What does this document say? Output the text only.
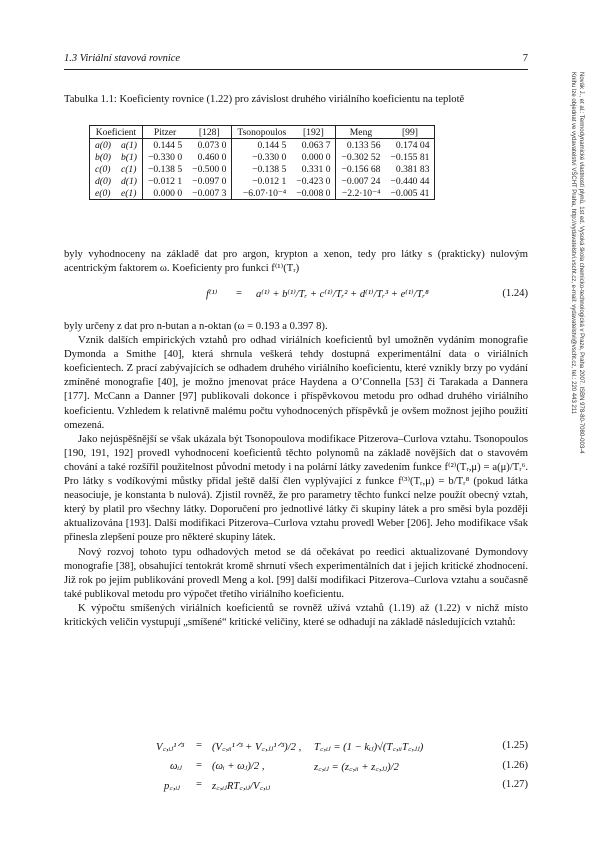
1.3 Viriální stavová rovnice	7
Novák J., et al.: Termodynamické vlastnosti plynů. 1st ed. Vysoká škola chemicko-technologická v Praze, Praha 2007. ISBN 978-80-7080-003-4
Knihu lze objednat ve vydavatelství VŠCHT Praha, http://vydavatelstvi.vscht.cz, e-mail: vydavatelstvi@vscht.cz, tel.: 220 443 211
Tabulka 1.1: Koeficienty rovnice (1.22) pro závislost druhého viriálního koeficientu na teplotě
Koeficient		Pitzer	[128]	Tsonopoulos	[192]	Meng	[99]
a(0)	a(1)	0.144 5	0.073 0	0.144 5	0.063 7	0.133 56	0.174 04
b(0)	b(1)	−0.330 0	0.460 0	−0.330 0	0.000 0	−0.302 52	−0.155 81
c(0)	c(1)	−0.138 5	−0.500 0	−0.138 5	0.331 0	−0.156 68	0.381 83
d(0)	d(1)	−0.012 1	−0.097 0	−0.012 1	−0.423 0	−0.007 24	−0.440 44
e(0)	e(1)	0.000 0	−0.007 3	−6.07·10⁻⁴	−0.008 0	−2.2·10⁻⁴	−0.005 41

byly vyhodnoceny na základě dat pro argon, krypton a xenon, tedy pro látky s (prakticky) nulovým acentrickým faktorem ω. Koeficienty pro funkci f⁽¹⁾(Tᵣ)

f⁽¹⁾ = a⁽¹⁾ + b⁽¹⁾/Tᵣ + c⁽¹⁾/Tᵣ² + d⁽¹⁾/Tᵣ³ + e⁽¹⁾/Tᵣ⁸	(1.24)

byly určeny z dat pro n-butan a n-oktan (ω = 0.193 a 0.397 8).

Vznik dalších empirických vztahů pro odhad viriálních koeficientů byl umožněn vydáním monografie Dymonda a Smithe [40], která shrnula veškerá tehdy dostupná experimentální data o viriálních koeficientech. Z prací zabývajících se odhadem druhého viriálního koeficientu, které vznikly brzy po vydání zmíněné monografie [40], je možno jmenovat práce Haydena a O’Connella [53] či Tarakada a Dannera [177]. McCann a Danner [97] publikovali dokonce i příspěvkovou metodu pro odhad druhého viriálního koeficientu. Vzhledem k relativně malému počtu vyhodnocených příspěvků je ovšem možnost jejího použití omezená.

Jako nejúspěšnější se však ukázala být Tsonopoulova modifikace Pitzerova–Curlova vztahu. Tsonopoulos [190, 191, 192] provedl vyhodnocení koeficientů těchto polynomů na základě novějších dat o stavovém chování a také rozšířil použitelnost původní metody i na polární látky zavedením funkce f⁽²⁾(Tᵣ,μ) = a(μ)/Tᵣ⁶. Pro látky s vodíkovými můstky přidal ještě další člen vyplývající z funkce f⁽³⁾(Tᵣ,μ) = b/Tᵣ⁸ (pokud látka neasociuje, je konstanta b nulová). Zjistil rovněž, že pro parametry těchto funkcí nelze použít obecný vztah, který by platil pro všechny látky. Doporučení pro jednotlivé látky či skupiny látek a pro směsi byla později aktualizována [193]. Další modifikaci Pitzerova–Curlova vztahu provedl Weber [206]. Jeho modifikace však přinesla zlepšení pouze pro některé skupiny látek.

Nový rozvoj tohoto typu odhadových metod se dá očekávat po reedici aktualizované Dymondovy monografie [38], obsahující tentokrát kromě shrnutí všech experimentálních dat i jejich kritické zhodnocení. Již rok po jejím publikování provedl Meng a kol. [99] další modifikaci Pitzerova–Curlova vztahu a současně také publikoval metodu pro výpočet třetího viriálního koeficientu.

K výpočtu smíšených viriálních koeficientů se rovněž užívá vztahů (1.19) až (1.22) v nichž místo kritických veličin vystupují „smíšené“ kritické veličiny, které se odhadují na základě následujících vztahů:

V꜀,ᵢⱼ¹ᐟ³ = (V꜀,ᵢᵢ¹ᐟ³ + V꜀,ⱼⱼ¹ᐟ³)/2 , T꜀,ᵢⱼ = (1 − kᵢⱼ)√(T꜀,ᵢᵢT꜀,ⱼⱼ)	(1.25)
ωᵢⱼ = (ωᵢ + ωⱼ)/2 ,	z꜀,ᵢⱼ = (z꜀,ᵢᵢ + z꜀,ⱼⱼ)/2	(1.26)
p꜀,ᵢⱼ = z꜀,ᵢⱼRT꜀,ᵢⱼ/V꜀,ᵢⱼ	(1.27)
